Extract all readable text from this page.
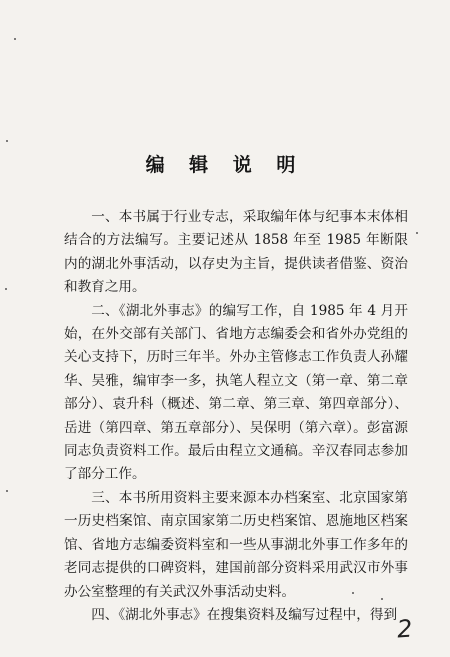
编 辑 说 明

一、本书属于行业专志，采取编年体与纪事本末体相结合的方法编写。主要记述从 1858 年至 1985 年断限内的湖北外事活动，以存史为主旨，提供读者借鉴、资治和教育之用。

二、《湖北外事志》的编写工作，自 1985 年 4 月开始，在外交部有关部门、省地方志编委会和省外办党组的关心支持下，历时三年半。外办主管修志工作负责人孙耀华、吴雅，编审李一多，执笔人程立文（第一章、第二章部分）、袁升科（概述、第二章、第三章、第四章部分）、岳进（第四章、第五章部分）、吴保明（第六章）。彭富源同志负责资料工作。最后由程立文通稿。辛汉春同志参加了部分工作。

三、本书所用资料主要来源本办档案室、北京国家第一历史档案馆、南京国家第二历史档案馆、恩施地区档案馆、省地方志编委资料室和一些从事湖北外事工作多年的老同志提供的口碑资料，建国前部分资料采用武汉市外事办公室整理的有关武汉外事活动史料。

四、《湖北外事志》在搜集资料及编写过程中，得到

2
